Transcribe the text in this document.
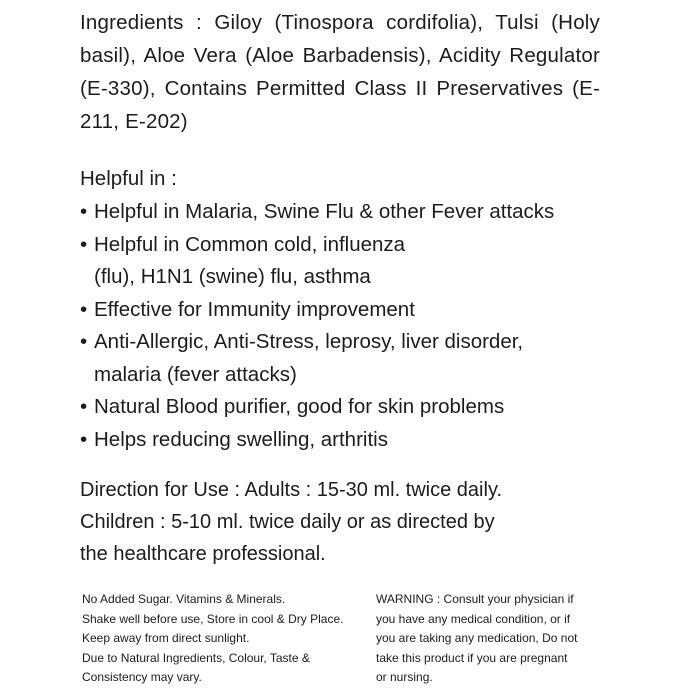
Ingredients : Giloy (Tinospora cordifolia), Tulsi (Holy basil), Aloe Vera (Aloe Barbadensis), Acidity Regulator (E-330), Contains Permitted Class II Preservatives (E-211, E-202)
Helpful in :
• Helpful in Malaria, Swine Flu & other Fever attacks
• Helpful in Common cold, influenza
(flu), H1N1 (swine) flu, asthma
• Effective for Immunity improvement
• Anti-Allergic, Anti-Stress, leprosy, liver disorder,
malaria (fever attacks)
• Natural Blood purifier, good for skin problems
• Helps reducing swelling, arthritis
Direction for Use : Adults : 15-30 ml. twice daily.
Children : 5-10 ml. twice daily or as directed by
the healthcare professional.
No Added Sugar. Vitamins & Minerals.
Shake well before use, Store in cool & Dry Place.
Keep away from direct sunlight.
Due to Natural Ingredients, Colour, Taste &
Consistency may vary.
WARNING : Consult your physician if
you have any medical condition, or if
you are taking any medication, Do not
take this product if you are pregnant
or nursing.
